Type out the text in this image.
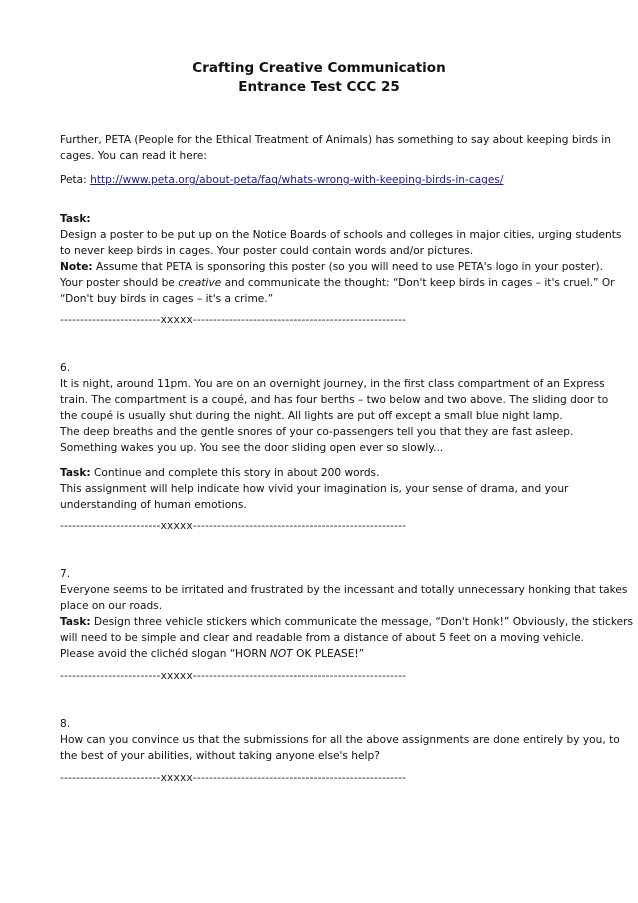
Crafting Creative Communication
Entrance Test CCC 25
Further, PETA (People for the Ethical Treatment of Animals) has something to say about keeping birds in
cages. You can read it here:
Peta: http://www.peta.org/about-peta/faq/whats-wrong-with-keeping-birds-in-cages/
Task:
Design a poster to be put up on the Notice Boards of schools and colleges in major cities, urging students
to never keep birds in cages. Your poster could contain words and/or pictures.
Note: Assume that PETA is sponsoring this poster (so you will need to use PETA's logo in your poster).
Your poster should be creative and communicate the thought: “Don't keep birds in cages – it's cruel.” Or
“Don't buy birds in cages – it's a crime.”
-------------------------xxxxx-----------------------------------------------------
6.
It is night, around 11pm. You are on an overnight journey, in the first class compartment of an Express
train. The compartment is a coupé, and has four berths – two below and two above. The sliding door to
the coupé is usually shut during the night. All lights are put off except a small blue night lamp.
The deep breaths and the gentle snores of your co-passengers tell you that they are fast asleep.
Something wakes you up. You see the door sliding open ever so slowly...
Task: Continue and complete this story in about 200 words.
This assignment will help indicate how vivid your imagination is, your sense of drama, and your
understanding of human emotions.
-------------------------xxxxx-----------------------------------------------------
7.
Everyone seems to be irritated and frustrated by the incessant and totally unnecessary honking that takes
place on our roads.
Task: Design three vehicle stickers which communicate the message, “Don't Honk!” Obviously, the stickers
will need to be simple and clear and readable from a distance of about 5 feet on a moving vehicle.
Please avoid the clichéd slogan “HORN NOT OK PLEASE!”
-------------------------xxxxx-----------------------------------------------------
8.
How can you convince us that the submissions for all the above assignments are done entirely by you, to
the best of your abilities, without taking anyone else's help?
-------------------------xxxxx-----------------------------------------------------
